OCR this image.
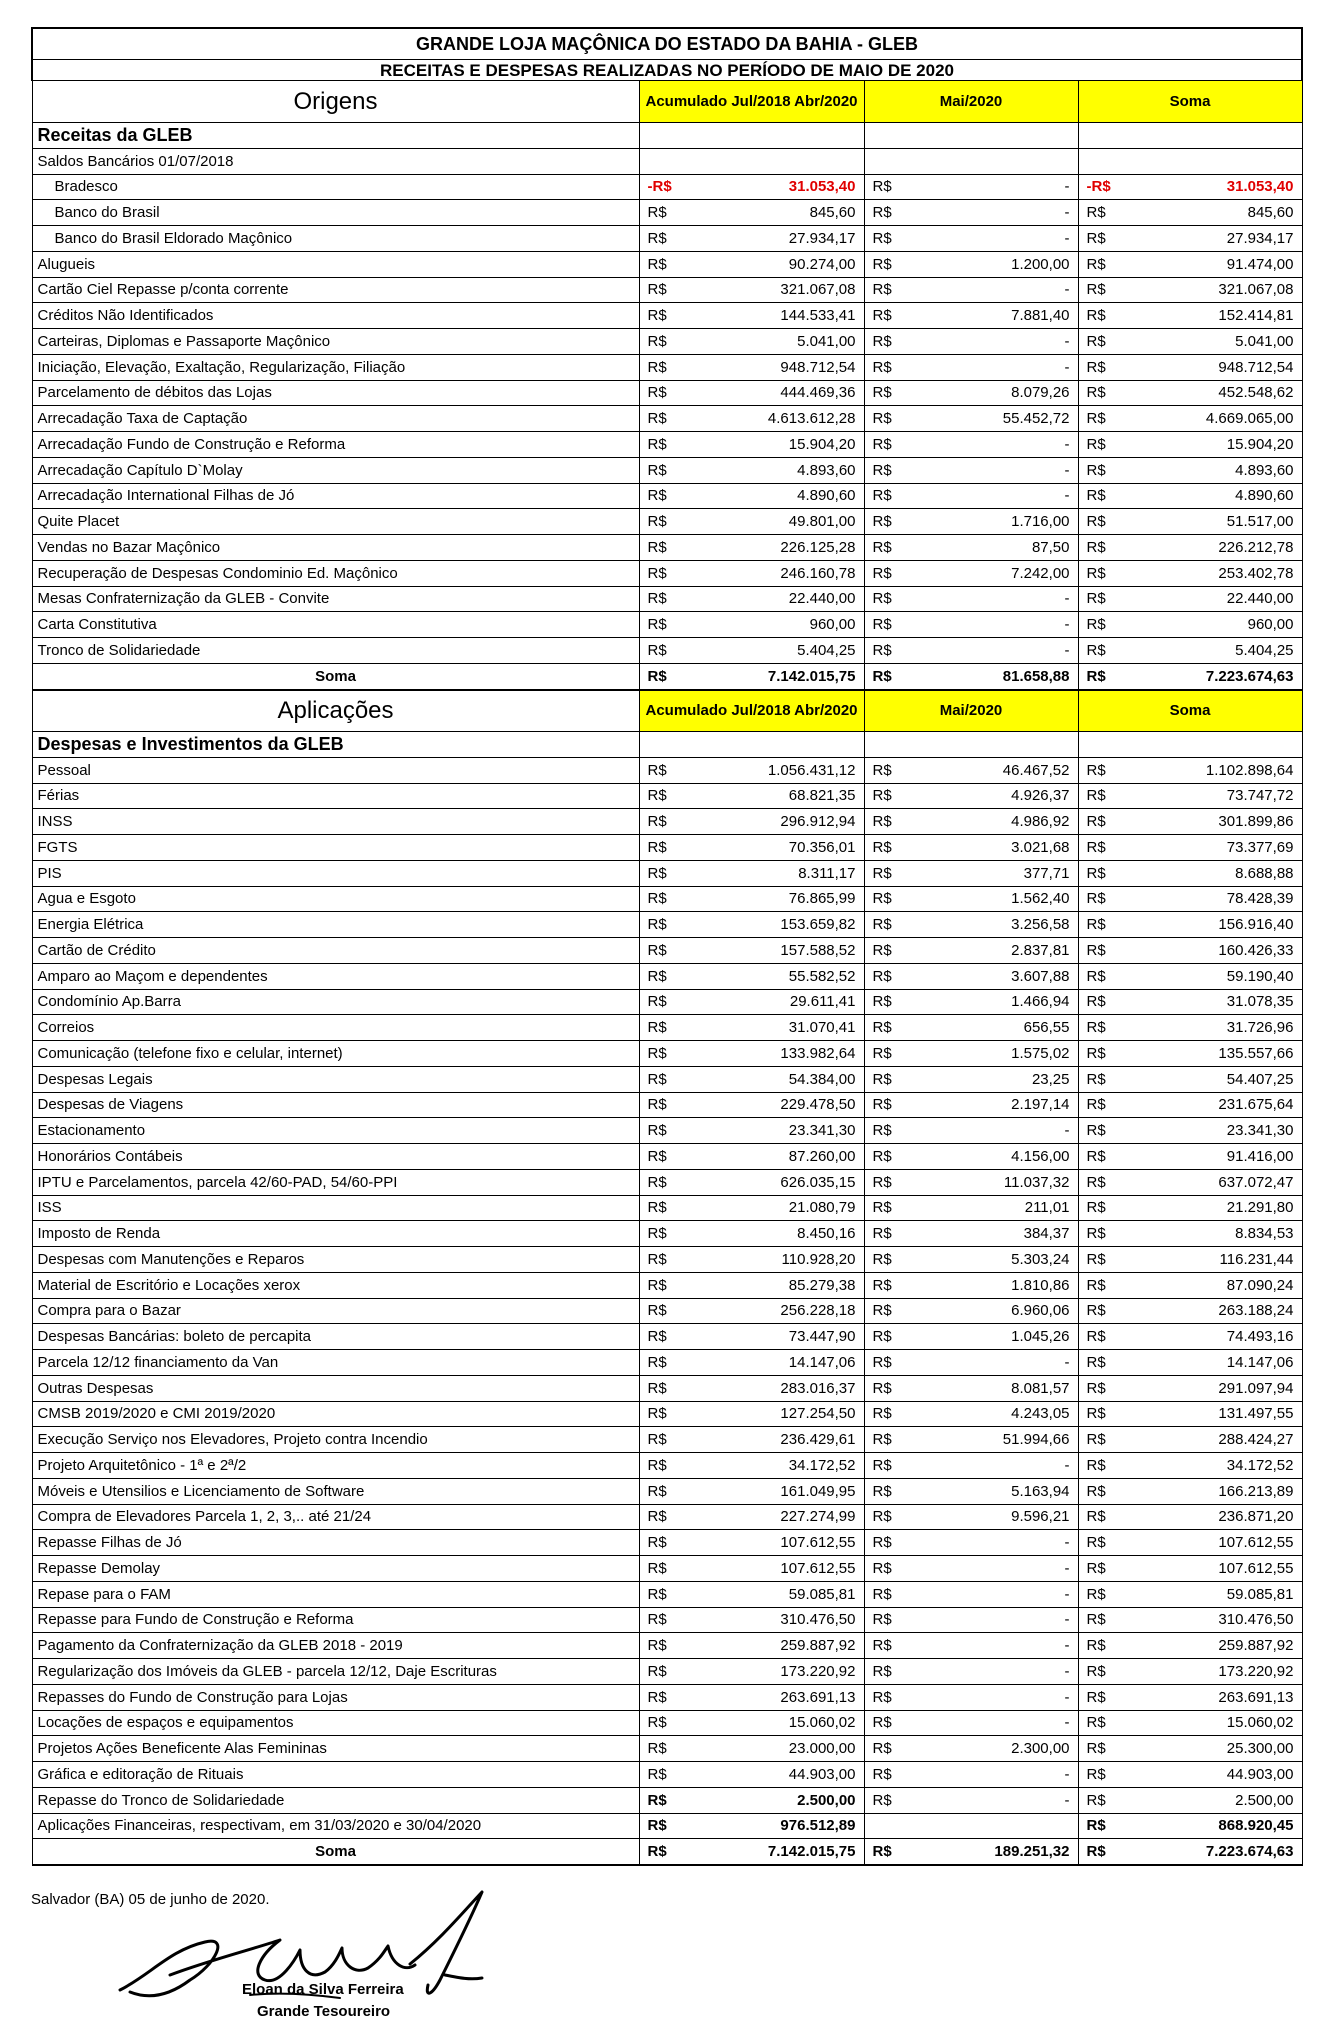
GRANDE LOJA MAÇÔNICA DO ESTADO DA BAHIA - GLEB			
RECEITAS E DESPESAS REALIZADAS NO PERÍODO DE MAIO DE 2020			
Origens	Acumulado Jul/2018 Abr/2020	Mai/2020	Soma
Receitas da GLEB			
Saldos Bancários 01/07/2018			
Bradesco	-R$ 31.053,40	R$ -	-R$ 31.053,40

Banco do Brasil	R$ 845,60	R$ -	R$ 845,60

Banco do Brasil Eldorado Maçônico	R$ 27.934,17	R$ -	R$ 27.934,17

Alugueis	R$ 90.274,00	R$ 1.200,00	R$ 91.474,00

Cartão Ciel Repasse p/conta corrente	R$ 321.067,08	R$ -	R$ 321.067,08

Créditos Não Identificados	R$ 144.533,41	R$ 7.881,40	R$ 152.414,81

Carteiras, Diplomas e Passaporte Maçônico	R$ 5.041,00	R$ -	R$ 5.041,00

Iniciação, Elevação, Exaltação, Regularização, Filiação	R$ 948.712,54	R$ -	R$ 948.712,54

Parcelamento de débitos das Lojas	R$ 444.469,36	R$ 8.079,26	R$ 452.548,62

Arrecadação Taxa de Captação	R$ 4.613.612,28	R$ 55.452,72	R$ 4.669.065,00

Arrecadação Fundo de Construção e Reforma	R$ 15.904,20	R$ -	R$ 15.904,20

Arrecadação Capítulo D`Molay	R$ 4.893,60	R$ -	R$ 4.893,60

Arrecadação International Filhas de Jó	R$ 4.890,60	R$ -	R$ 4.890,60

Quite Placet	R$ 49.801,00	R$ 1.716,00	R$ 51.517,00

Vendas no Bazar Maçônico	R$ 226.125,28	R$ 87,50	R$ 226.212,78

Recuperação de Despesas Condominio Ed. Maçônico	R$ 246.160,78	R$ 7.242,00	R$ 253.402,78

Mesas Confraternização da GLEB - Convite	R$ 22.440,00	R$ -	R$ 22.440,00

Carta Constitutiva	R$ 960,00	R$ -	R$ 960,00

Tronco de Solidariedade	R$ 5.404,25	R$ -	R$ 5.404,25

Soma	R$ 7.142.015,75	R$ 81.658,88	R$ 7.223.674,63

Aplicações	Acumulado Jul/2018 Abr/2020	Mai/2020	Soma
Despesas e Investimentos da GLEB			
Pessoal	R$ 1.056.431,12	R$ 46.467,52	R$ 1.102.898,64

Férias	R$ 68.821,35	R$ 4.926,37	R$ 73.747,72

INSS	R$ 296.912,94	R$ 4.986,92	R$ 301.899,86

FGTS	R$ 70.356,01	R$ 3.021,68	R$ 73.377,69

PIS	R$ 8.311,17	R$ 377,71	R$ 8.688,88

Agua e Esgoto	R$ 76.865,99	R$ 1.562,40	R$ 78.428,39

Energia Elétrica	R$ 153.659,82	R$ 3.256,58	R$ 156.916,40

Cartão de Crédito	R$ 157.588,52	R$ 2.837,81	R$ 160.426,33

Amparo ao Maçom e dependentes	R$ 55.582,52	R$ 3.607,88	R$ 59.190,40

Condomínio Ap.Barra	R$ 29.611,41	R$ 1.466,94	R$ 31.078,35

Correios	R$ 31.070,41	R$ 656,55	R$ 31.726,96

Comunicação (telefone fixo e celular, internet)	R$ 133.982,64	R$ 1.575,02	R$ 135.557,66

Despesas Legais	R$ 54.384,00	R$ 23,25	R$ 54.407,25

Despesas de Viagens	R$ 229.478,50	R$ 2.197,14	R$ 231.675,64

Estacionamento	R$ 23.341,30	R$ -	R$ 23.341,30

Honorários Contábeis	R$ 87.260,00	R$ 4.156,00	R$ 91.416,00

IPTU e Parcelamentos, parcela 42/60-PAD, 54/60-PPI	R$ 626.035,15	R$ 11.037,32	R$ 637.072,47

ISS	R$ 21.080,79	R$ 211,01	R$ 21.291,80

Imposto de Renda	R$ 8.450,16	R$ 384,37	R$ 8.834,53

Despesas com Manutenções e Reparos	R$ 110.928,20	R$ 5.303,24	R$ 116.231,44

Material de Escritório e Locações xerox	R$ 85.279,38	R$ 1.810,86	R$ 87.090,24

Compra para o Bazar	R$ 256.228,18	R$ 6.960,06	R$ 263.188,24

Despesas Bancárias: boleto de percapita	R$ 73.447,90	R$ 1.045,26	R$ 74.493,16

Parcela 12/12 financiamento da Van	R$ 14.147,06	R$ -	R$ 14.147,06

Outras Despesas	R$ 283.016,37	R$ 8.081,57	R$ 291.097,94

CMSB 2019/2020 e CMI 2019/2020	R$ 127.254,50	R$ 4.243,05	R$ 131.497,55

Execução Serviço nos Elevadores, Projeto contra Incendio	R$ 236.429,61	R$ 51.994,66	R$ 288.424,27

Projeto Arquitetônico - 1ª e 2ª/2	R$ 34.172,52	R$ -	R$ 34.172,52

Móveis e Utensilios e Licenciamento de Software	R$ 161.049,95	R$ 5.163,94	R$ 166.213,89

Compra de Elevadores Parcela 1, 2, 3,.. até 21/24	R$ 227.274,99	R$ 9.596,21	R$ 236.871,20

Repasse Filhas de Jó	R$ 107.612,55	R$ -	R$ 107.612,55

Repasse Demolay	R$ 107.612,55	R$ -	R$ 107.612,55

Repase para o FAM	R$ 59.085,81	R$ -	R$ 59.085,81

Repasse para Fundo de Construção e Reforma	R$ 310.476,50	R$ -	R$ 310.476,50

Pagamento da Confraternização da GLEB 2018 - 2019	R$ 259.887,92	R$ -	R$ 259.887,92

Regularização dos Imóveis da GLEB - parcela 12/12, Daje Escrituras	R$ 173.220,92	R$ -	R$ 173.220,92

Repasses do Fundo de Construção para Lojas	R$ 263.691,13	R$ -	R$ 263.691,13

Locações de espaços e equipamentos	R$ 15.060,02	R$ -	R$ 15.060,02

Projetos Ações Beneficente Alas Femininas	R$ 23.000,00	R$ 2.300,00	R$ 25.300,00

Gráfica e editoração de Rituais	R$ 44.903,00	R$ -	R$ 44.903,00

Repasse do Tronco de Solidariedade	R$ 2.500,00	R$ -	R$ 2.500,00

Aplicações Financeiras, respectivam, em 31/03/2020 e 30/04/2020	R$ 976.512,89		R$ 868.920,45

Soma	R$ 7.142.015,75	R$ 189.251,32	R$ 7.223.674,63
Salvador (BA) 05 de junho de 2020.
Eloan da Silva Ferreira
Grande Tesoureiro
